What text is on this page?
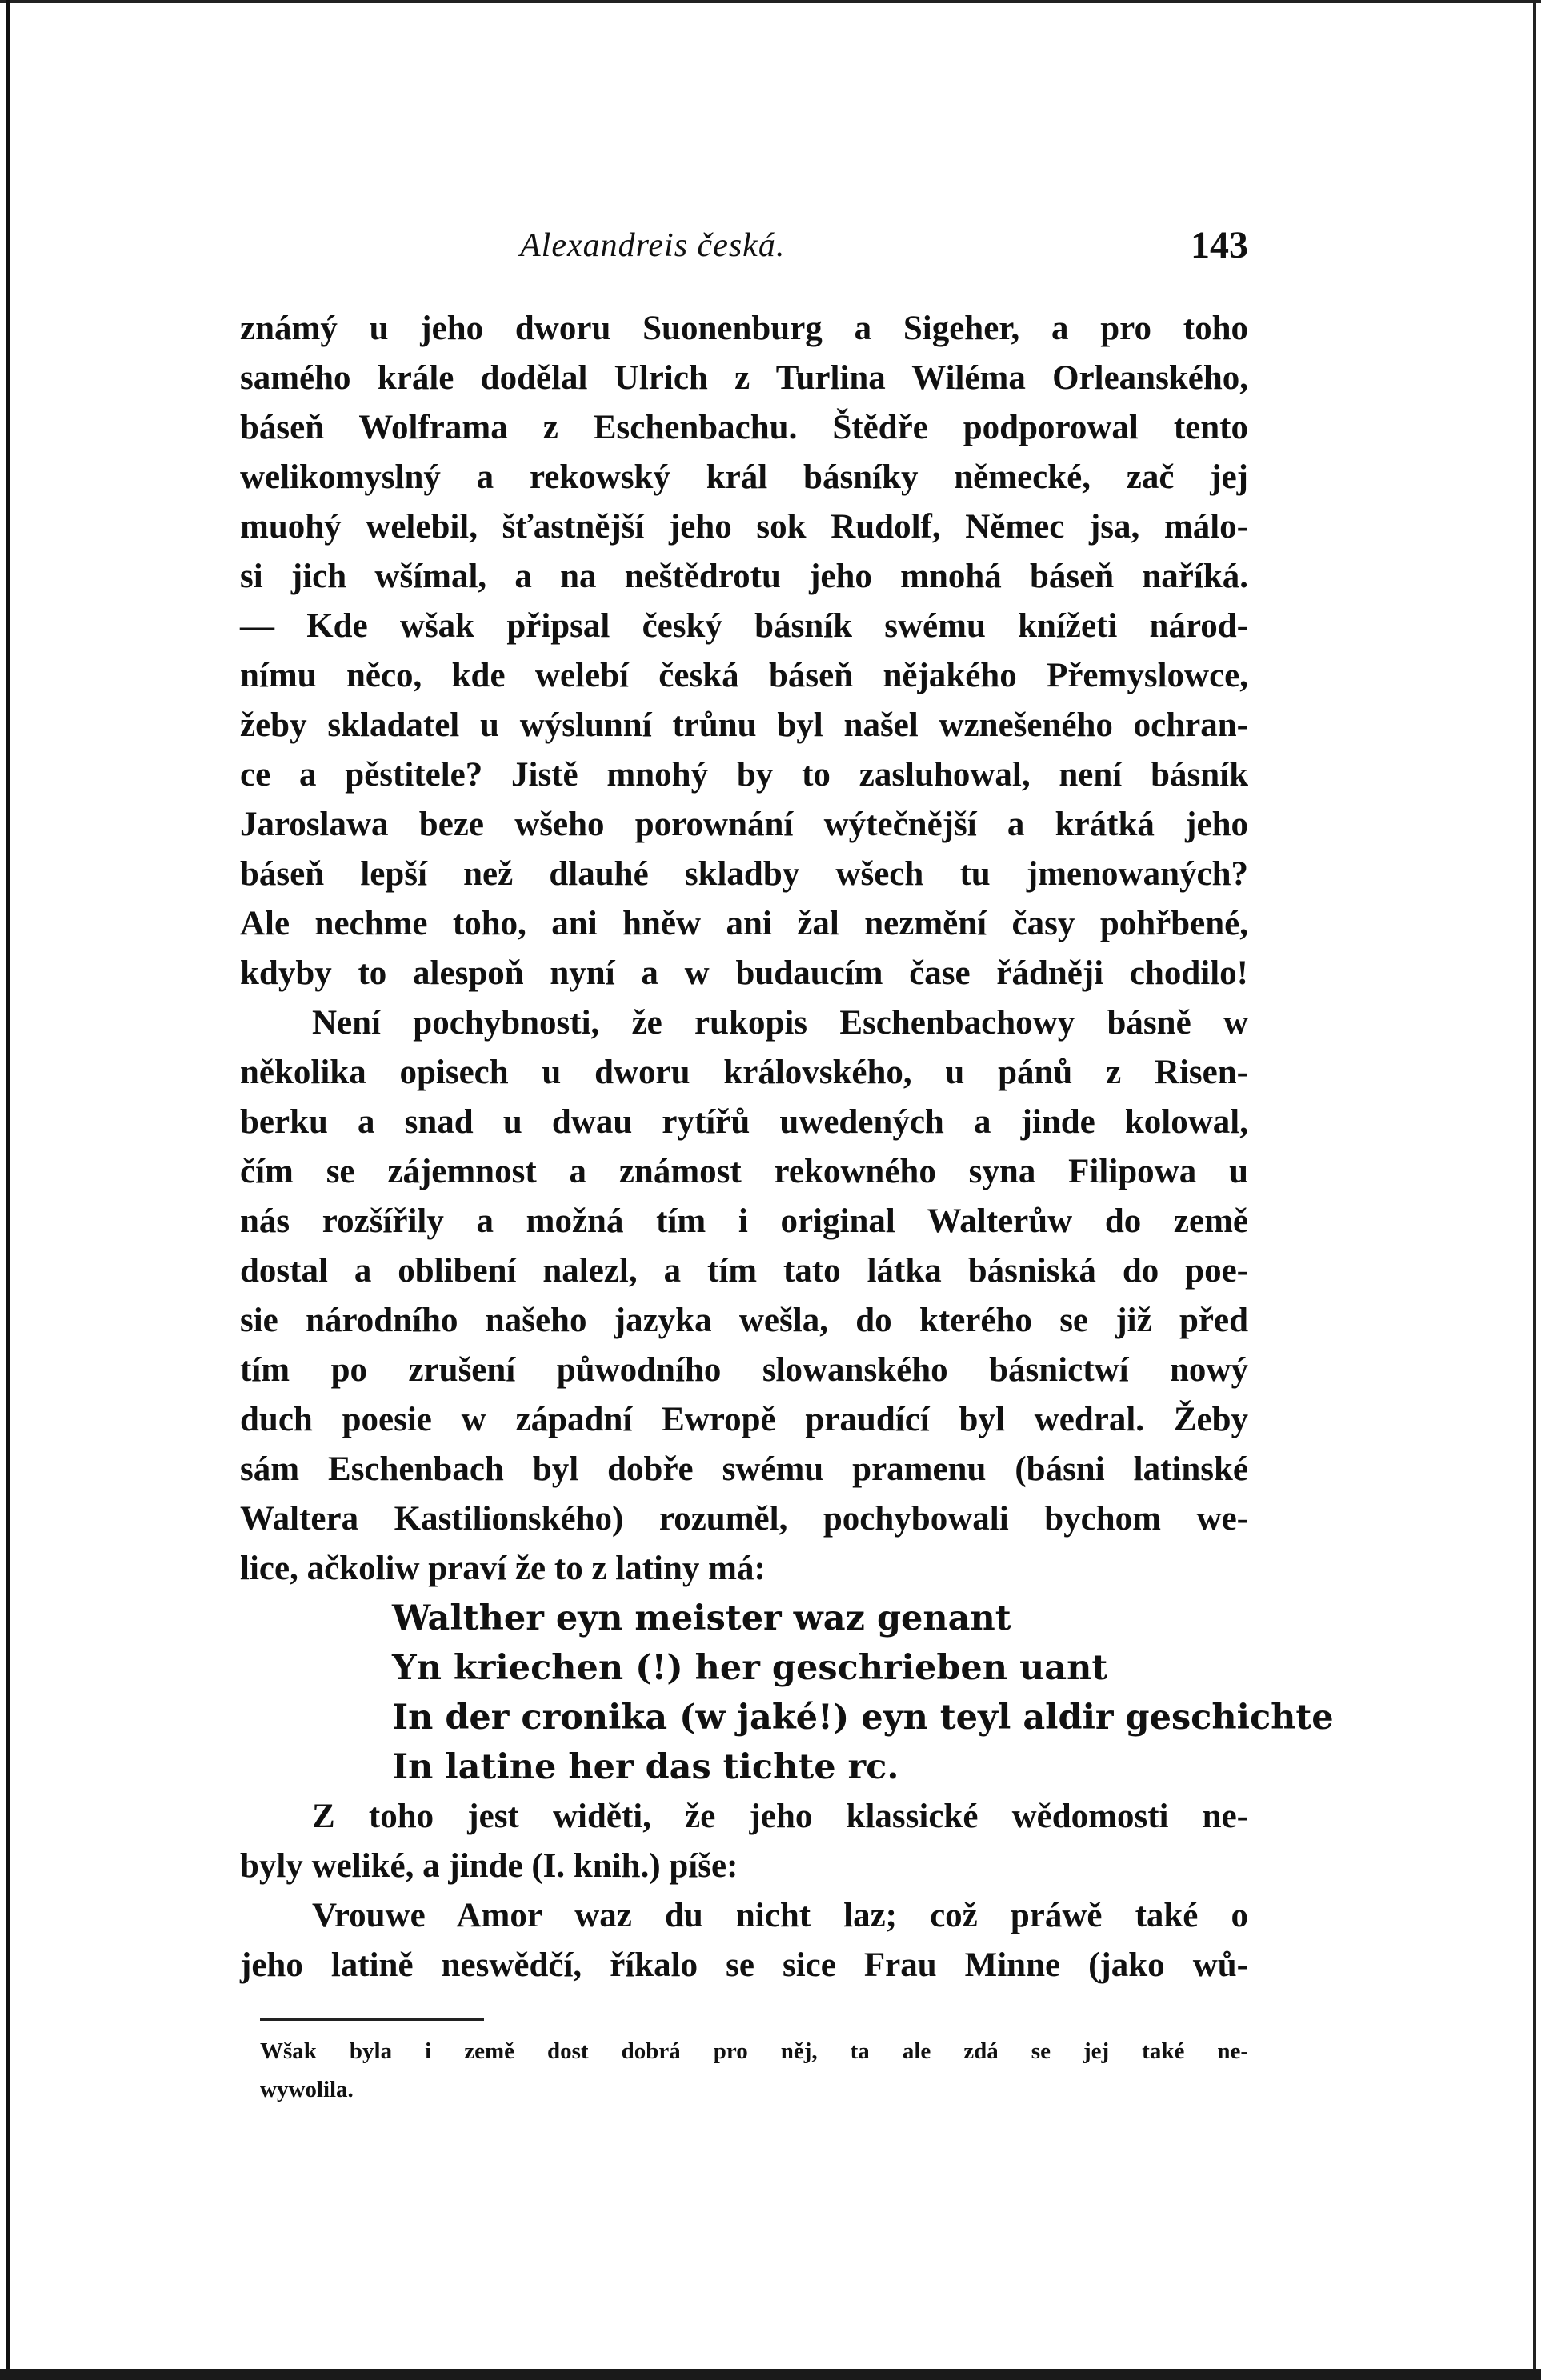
Alexandreis česká.	143
známý u jeho dworu Suonenburg a Sigeher, a pro toho
samého krále dodělal Ulrich z Turlina Wiléma Orleanského,
báseň Wolframa z Eschenbachu. Štědře podporowal tento
welikomyslný a rekowský král básníky německé, zač jej
muohý welebil, šťastnější jeho sok Rudolf, Němec jsa, málo-
si jich wšímal, a na neštědrotu jeho mnohá báseň naříká.
— Kde wšak připsal český básník swému knížeti národ-
nímu něco, kde welebí česká báseň nějakého Přemyslowce,
žeby skladatel u wýslunní trůnu byl našel wznešeného ochran-
ce a pěstitele? Jistě mnohý by to zasluhowal, není básník
Jaroslawa beze wšeho porownání wýtečnější a krátká jeho
báseň lepší než dlauhé skladby wšech tu jmenowaných?
Ale nechme toho, ani hněw ani žal nezmění časy pohřbené,
kdyby to alespoň nyní a w budaucím čase řádněji chodilo!
Není pochybnosti, že rukopis Eschenbachowy básně w
několika opisech u dworu královského, u pánů z Risen-
berku a snad u dwau rytířů uwedených a jinde kolowal,
čím se zájemnost a známost rekowného syna Filipowa u
nás rozšířily a možná tím i original Walterůw do země
dostal a oblibení nalezl, a tím tato látka básniská do poe-
sie národního našeho jazyka wešla, do kterého se již před
tím po zrušení půwodního slowanského básnictwí nowý
duch poesie w západní Ewropě praudící byl wedral. Žeby
sám Eschenbach byl dobře swému pramenu (básni latinské
Waltera Kastilionského) rozuměl, pochybowali bychom we-
lice, ačkoliw praví že to z latiny má:
Walther eyn meister waz genant
Yn kriechen (!) her geschrieben uant
In der cronika (w jaké!) eyn teyl aldir geschichte
In latine her das tichte rc.
Z toho jest widěti, že jeho klassické wědomosti ne-
byly weliké, a jinde (I. knih.) píše:
Vrouwe Amor waz du nicht laz; což práwě také o
jeho latině neswědčí, říkalo se sice Frau Minne (jako wů-
Wšak byla i země dost dobrá pro něj, ta ale zdá se jej také ne-
wywolila.
